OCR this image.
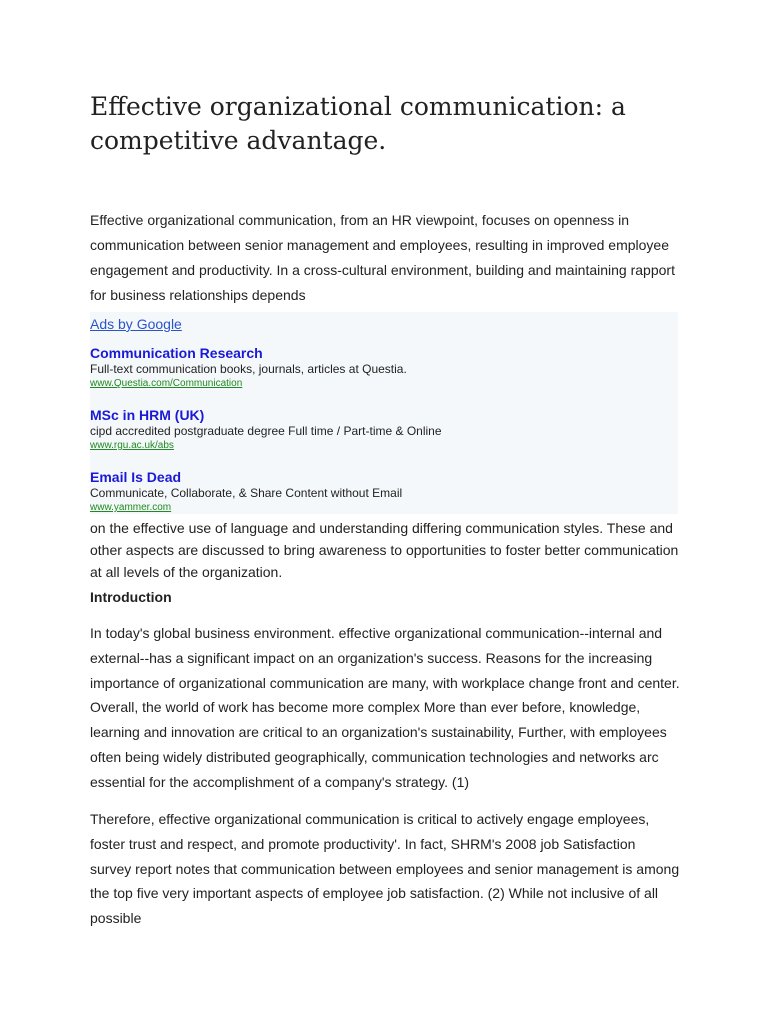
Effective organizational communication: a competitive advantage.

Effective organizational communication, from an HR viewpoint, focuses on openness in communication between senior management and employees, resulting in improved employee engagement and productivity. In a cross-cultural environment, building and maintaining rapport for business relationships depends

Ads by Google
Communication Research
Full-text communication books, journals, articles at Questia.
www.Questia.com/Communication
MSc in HRM (UK)
cipd accredited postgraduate degree Full time / Part-time & Online
www.rgu.ac.uk/abs
Email Is Dead
Communicate, Collaborate, & Share Content without Email
www.yammer.com

on the effective use of language and understanding differing communication styles. These and other aspects are discussed to bring awareness to opportunities to foster better communication at all levels of the organization.

Introduction

In today's global business environment. effective organizational communication--internal and external--has a significant impact on an organization's success. Reasons for the increasing importance of organizational communication are many, with workplace change front and center. Overall, the world of work has become more complex More than ever before, knowledge, learning and innovation are critical to an organization's sustainability, Further, with employees often being widely distributed geographically, communication technologies and networks arc essential for the accomplishment of a company's strategy. (1)

Therefore, effective organizational communication is critical to actively engage employees, foster trust and respect, and promote productivity'. In fact, SHRM's 2008 job Satisfaction survey report notes that communication between employees and senior management is among the top five very important aspects of employee job satisfaction. (2) While not inclusive of all possible
